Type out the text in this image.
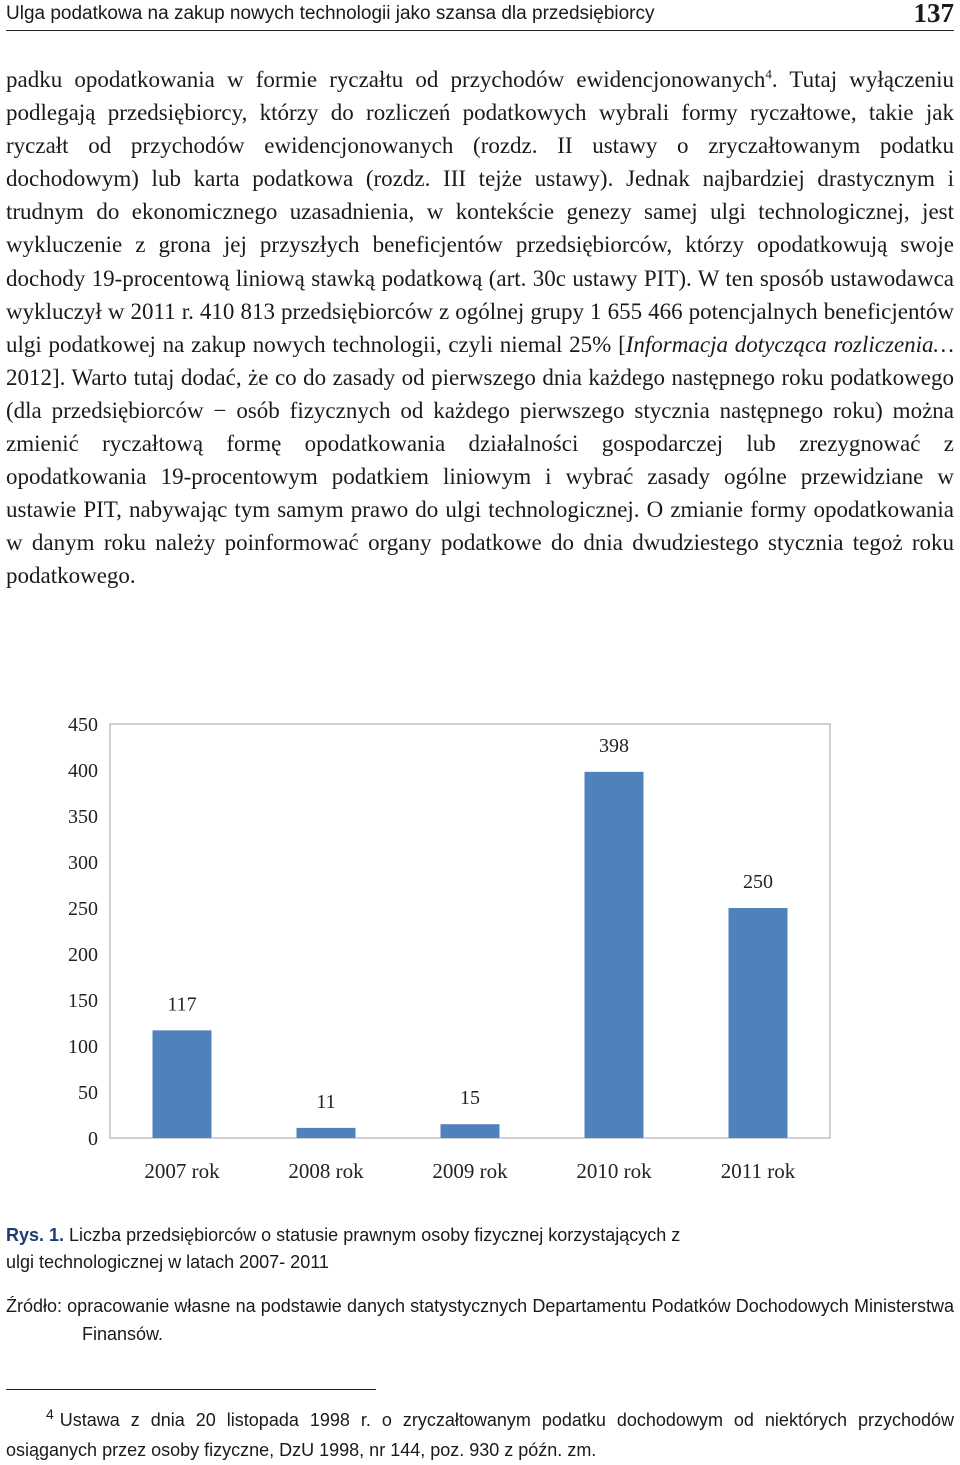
Ulga podatkowa na zakup nowych technologii jako szansa dla przedsiębiorcy	137

padku opodatkowania w formie ryczałtu od przychodów ewidencjonowanych$^4$. Tutaj wyłączeniu podlegają przedsiębiorcy, którzy do rozliczeń podatkowych wybrali formy ryczałtowe, takie jak ryczałt od przychodów ewidencjonowanych (rozdz. II ustawy o zryczałtowanym podatku dochodowym) lub karta podatkowa (rozdz. III tejże ustawy). Jednak najbardziej drastycznym i trudnym do ekonomicznego uzasadnienia, w kontekście genezy samej ulgi technologicznej, jest wykluczenie z grona jej przyszłych beneficjentów przedsiębiorców, którzy opodatkowują swoje dochody 19-procentową liniową stawką podatkową (art. 30c ustawy PIT). W ten sposób ustawodawca wykluczył w 2011 r. 410 813 przedsiębiorców z ogólnej grupy 1 655 466 potencjalnych beneficjentów ulgi podatkowej na zakup nowych technologii, czyli niemal 25% [Informacja dotycząca rozliczenia… 2012]. Warto tutaj dodać, że co do zasady od pierwszego dnia każdego następnego roku podatkowego (dla przedsiębiorców − osób fizycznych od każdego pierwszego stycznia następnego roku) można zmienić ryczałtową formę opodatkowania działalności gospodarczej lub zrezygnować z opodatkowania 19-procentowym podatkiem liniowym i wybrać zasady ogólne przewidziane w ustawie PIT, nabywając tym samym prawo do ulgi technologicznej. O zmianie formy opodatkowania w danym roku należy poinformować organy podatkowe do dnia dwudziestego stycznia tegoż roku podatkowego.

0
50
100
150
200
250
300
350
400
450
117
2007 rok
11
2008 rok
15
2009 rok
398
2010 rok
250
2011 rok
Rys. 1. Liczba przedsiębiorców o statusie prawnym osoby fizycznej korzystających z ulgi technologicznej w latach 2007- 2011
Źródło: opracowanie własne na podstawie danych statystycznych Departamentu Podatków Dochodowych Ministerstwa Finansów.

$^4$ Ustawa z dnia 20 listopada 1998 r. o zryczałtowanym podatku dochodowym od niektórych przychodów osiąganych przez osoby fizyczne, DzU 1998, nr 144, poz. 930 z późn. zm.
